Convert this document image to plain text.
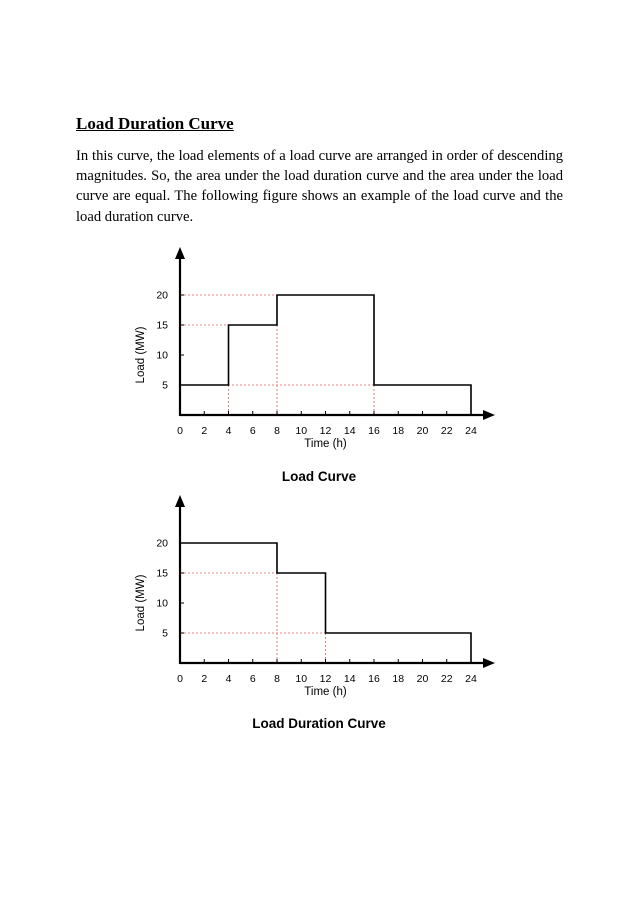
Load Duration Curve

In this curve, the load elements of a load curve are arranged in order of descending magnitudes. So, the area under the load duration curve and the area under the load curve are equal. The following figure shows an example of the load curve and the load duration curve.

0 2 4 6 8 10 12 14 16 18 20 22 24
5
10
15
20
Time (h)
Load (MW)
Load Curve
0 2 4 6 8 10 12 14 16 18 20 22 24
5
10
15
20
Time (h)
Load (MW)
Load Duration Curve
